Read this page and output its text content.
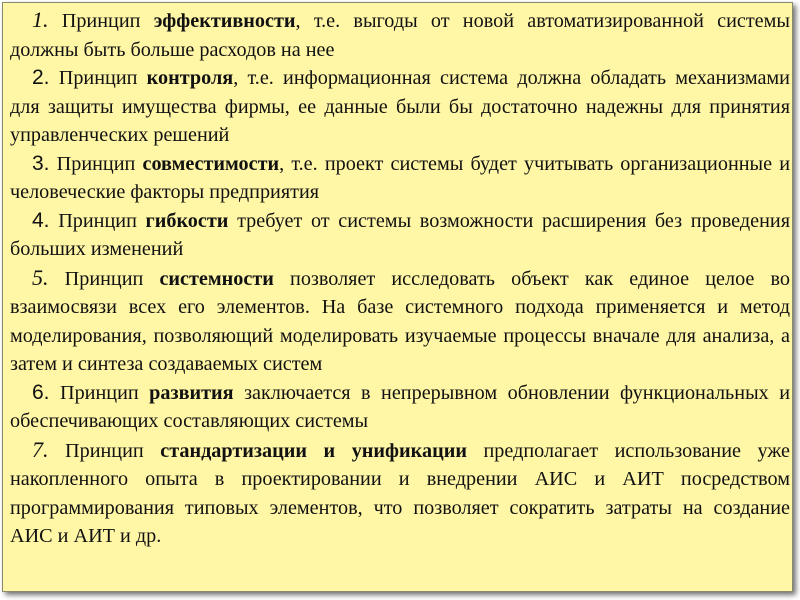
1. Принцип эффективности, т.е. выгоды от новой автоматизированной системы должны быть больше расходов на нее

2. Принцип контроля, т.е. информационная система должна обладать механизмами для защиты имущества фирмы, ее данные были бы достаточно надежны для принятия управленческих решений

3. Принцип совместимости, т.е. проект системы будет учитывать организационные и человеческие факторы предприятия

4. Принцип гибкости требует от системы возможности расширения без проведения больших изменений

5. Принцип системности позволяет исследовать объект как единое целое во взаимосвязи всех его элементов. На базе системного подхода применяется и метод моделирования, позволяющий моделировать изучаемые процессы вначале для анализа, а затем и синтеза создаваемых систем

6. Принцип развития заключается в непрерывном обновлении функциональных и обеспечивающих составляющих системы

7. Принцип стандартизации и унификации предполагает использование уже накопленного опыта в проектировании и внедрении АИС и АИТ посредством программирования типовых элементов, что позволяет сократить затраты на создание АИС и АИТ и др.
